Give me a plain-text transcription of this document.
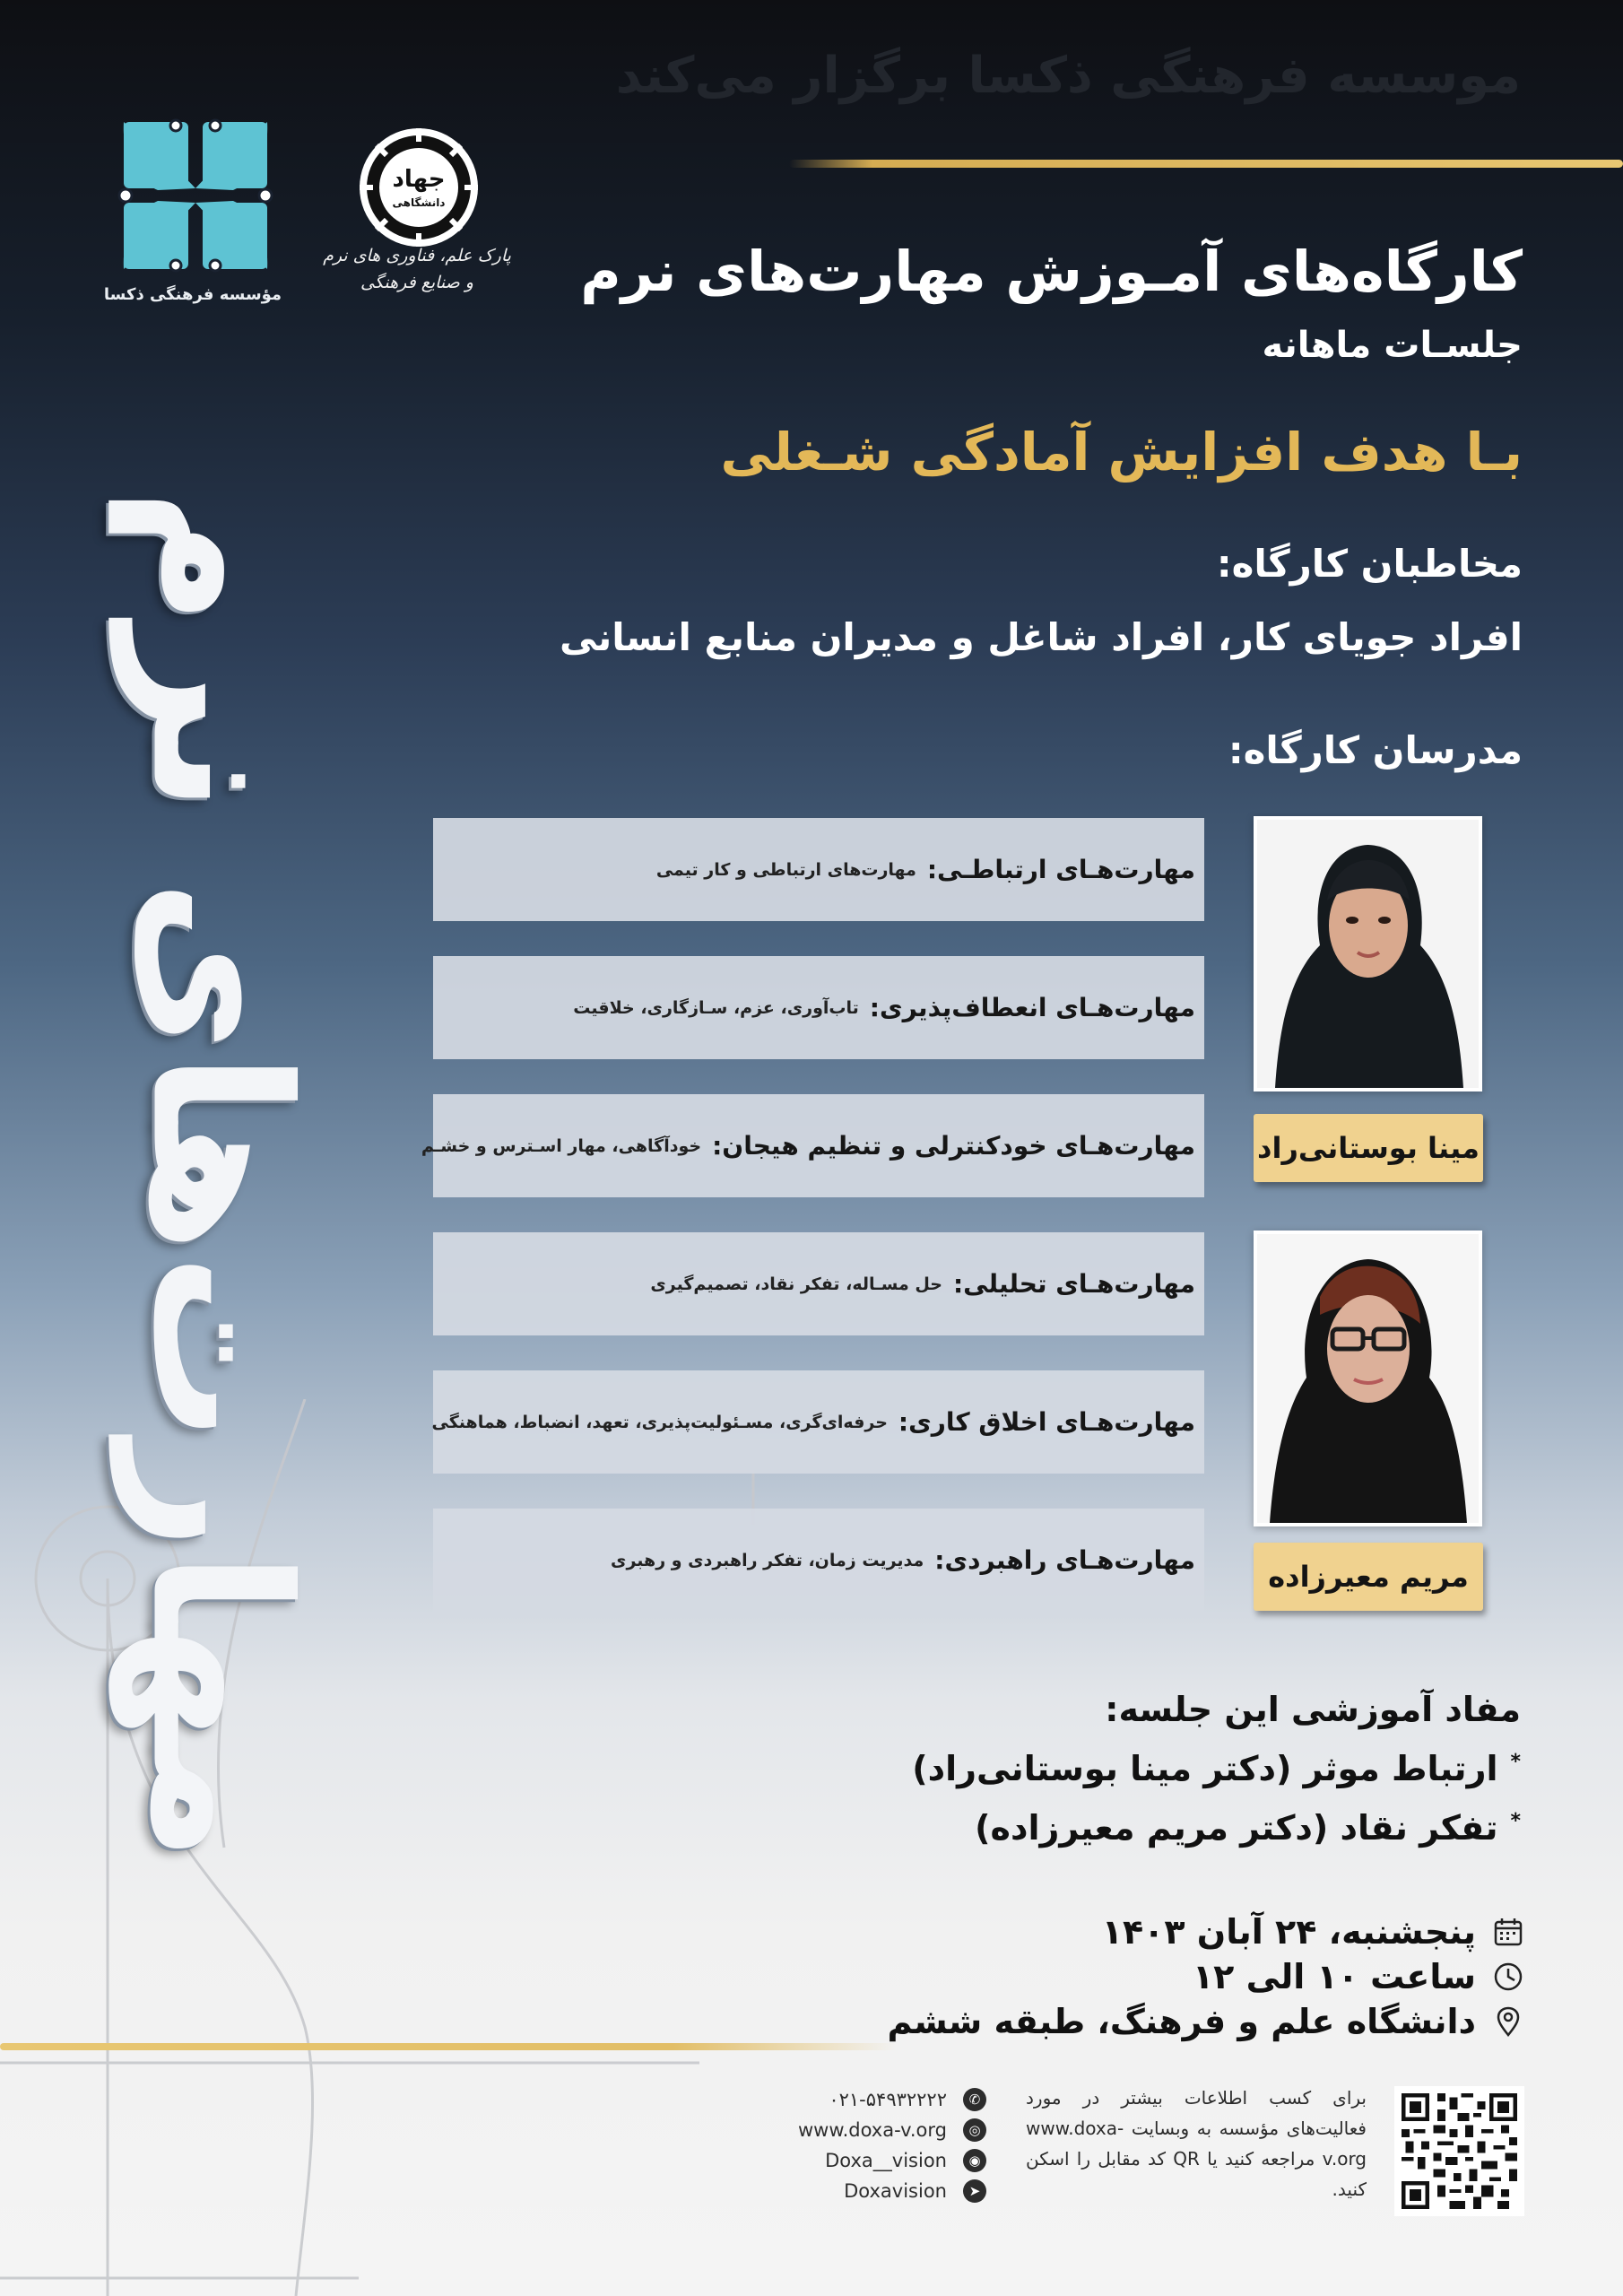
موسسه فرهنگی ذکسا برگزار می‌کند
مؤسسه فرهنگی ذکسا
جهاد
دانشگاهی
پارک علم، فناوری های نرم و صنایع فرهنگی	کارگاه‌های آمـوزش مهارت‌های نرم
جلسـات ماهانه
بـا هدف افزایش آمادگی شـغلی
مخاطبان کارگاه:
افراد جویای کار، افراد شاغل و مدیران منابع انسانی
مدرسان کارگاه:
مهارت‌های نرم	مهارت‌هـای ارتباطـی:
مهارت‌های ارتباطی و کار تیمی
مهارت‌هـای انعطاف‌پذیری:
تاب‌آوری، عزم، سـازگاری، خلاقیت
مهارت‌هـای خودکنترلی و تنظیم هیجان:
خودآگاهی، مهار اسـترس و خشـم
مهارت‌هـای تحلیلی:
حل مسـاله، تفکر نقاد، تصمیم‌گیری
مهارت‌هـای اخلاق کاری:
حرفه‌ای‌گری، مسـئولیت‌پذیری، تعهد، انضباط، هماهنگی
مهارت‌هـای راهبردی:
مدیریت زمان، تفکر راهبردی و رهبری
مینا بوستانی‌راد
مریم معیرزاده
مفاد آموزشی این جلسه:
*ارتباط موثر (دکتر مینا بوستانی‌راد)
*تفکر نقاد (دکتر مریم معیرزاده)
پنجشنبه، ۲۴ آبان ۱۴۰۳
ساعت ۱۰ الی ۱۲
دانشگاه علم و فرهنگ، طبقه ششم
۰۲۱-۵۴۹۳۲۲۲۲	✆
www.doxa-v.org	◎
Doxa__vision	◉
Doxavision	➤
برای کسب اطلاعات بیشتر در مورد فعالیت‌های مؤسسه به وبسایت www.doxa-v.org مراجعه کنید یا QR کد مقابل را اسکن کنید.
